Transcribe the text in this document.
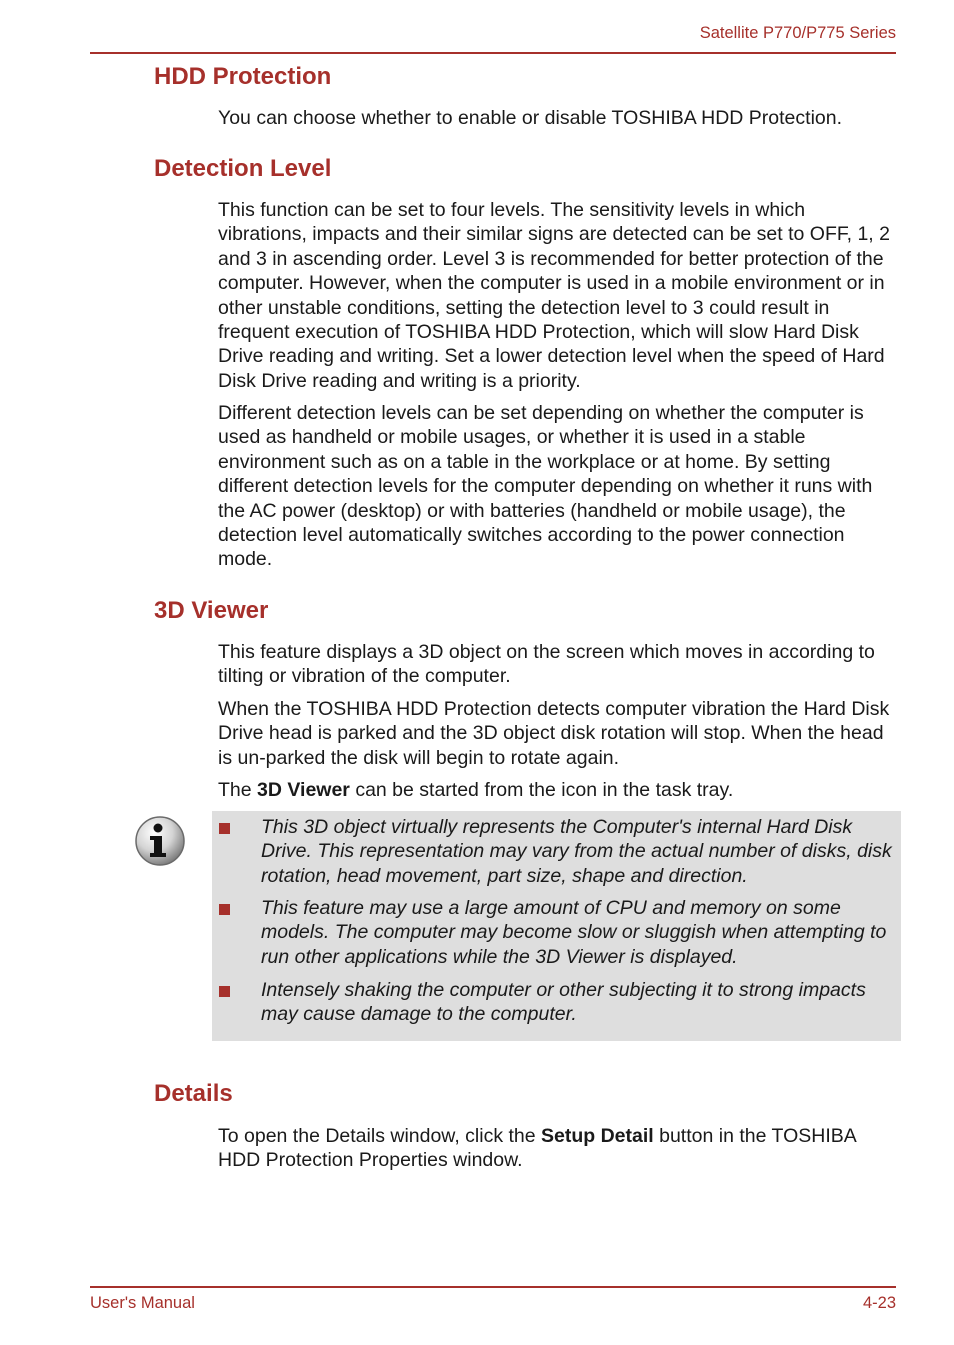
Satellite P770/P775 Series
HDD Protection

You can choose whether to enable or disable TOSHIBA HDD Protection.

Detection Level

This function can be set to four levels. The sensitivity levels in which vibrations, impacts and their similar signs are detected can be set to OFF, 1, 2 and 3 in ascending order. Level 3 is recommended for better protection of the computer. However, when the computer is used in a mobile environment or in other unstable conditions, setting the detection level to 3 could result in frequent execution of TOSHIBA HDD Protection, which will slow Hard Disk Drive reading and writing. Set a lower detection level when the speed of Hard Disk Drive reading and writing is a priority.

Different detection levels can be set depending on whether the computer is used as handheld or mobile usages, or whether it is used in a stable environment such as on a table in the workplace or at home. By setting different detection levels for the computer depending on whether it runs with the AC power (desktop) or with batteries (handheld or mobile usage), the detection level automatically switches according to the power connection mode.

3D Viewer

This feature displays a 3D object on the screen which moves in according to tilting or vibration of the computer.

When the TOSHIBA HDD Protection detects computer vibration the Hard Disk Drive head is parked and the 3D object disk rotation will stop. When the head is un-parked the disk will begin to rotate again.

The 3D Viewer can be started from the icon in the task tray.

This 3D object virtually represents the Computer's internal Hard Disk Drive. This representation may vary from the actual number of disks, disk rotation, head movement, part size, shape and direction.

This feature may use a large amount of CPU and memory on some models. The computer may become slow or sluggish when attempting to run other applications while the 3D Viewer is displayed.

Intensely shaking the computer or other subjecting it to strong impacts may cause damage to the computer.

Details

To open the Details window, click the Setup Detail button in the TOSHIBA HDD Protection Properties window.

User's Manual	4-23
